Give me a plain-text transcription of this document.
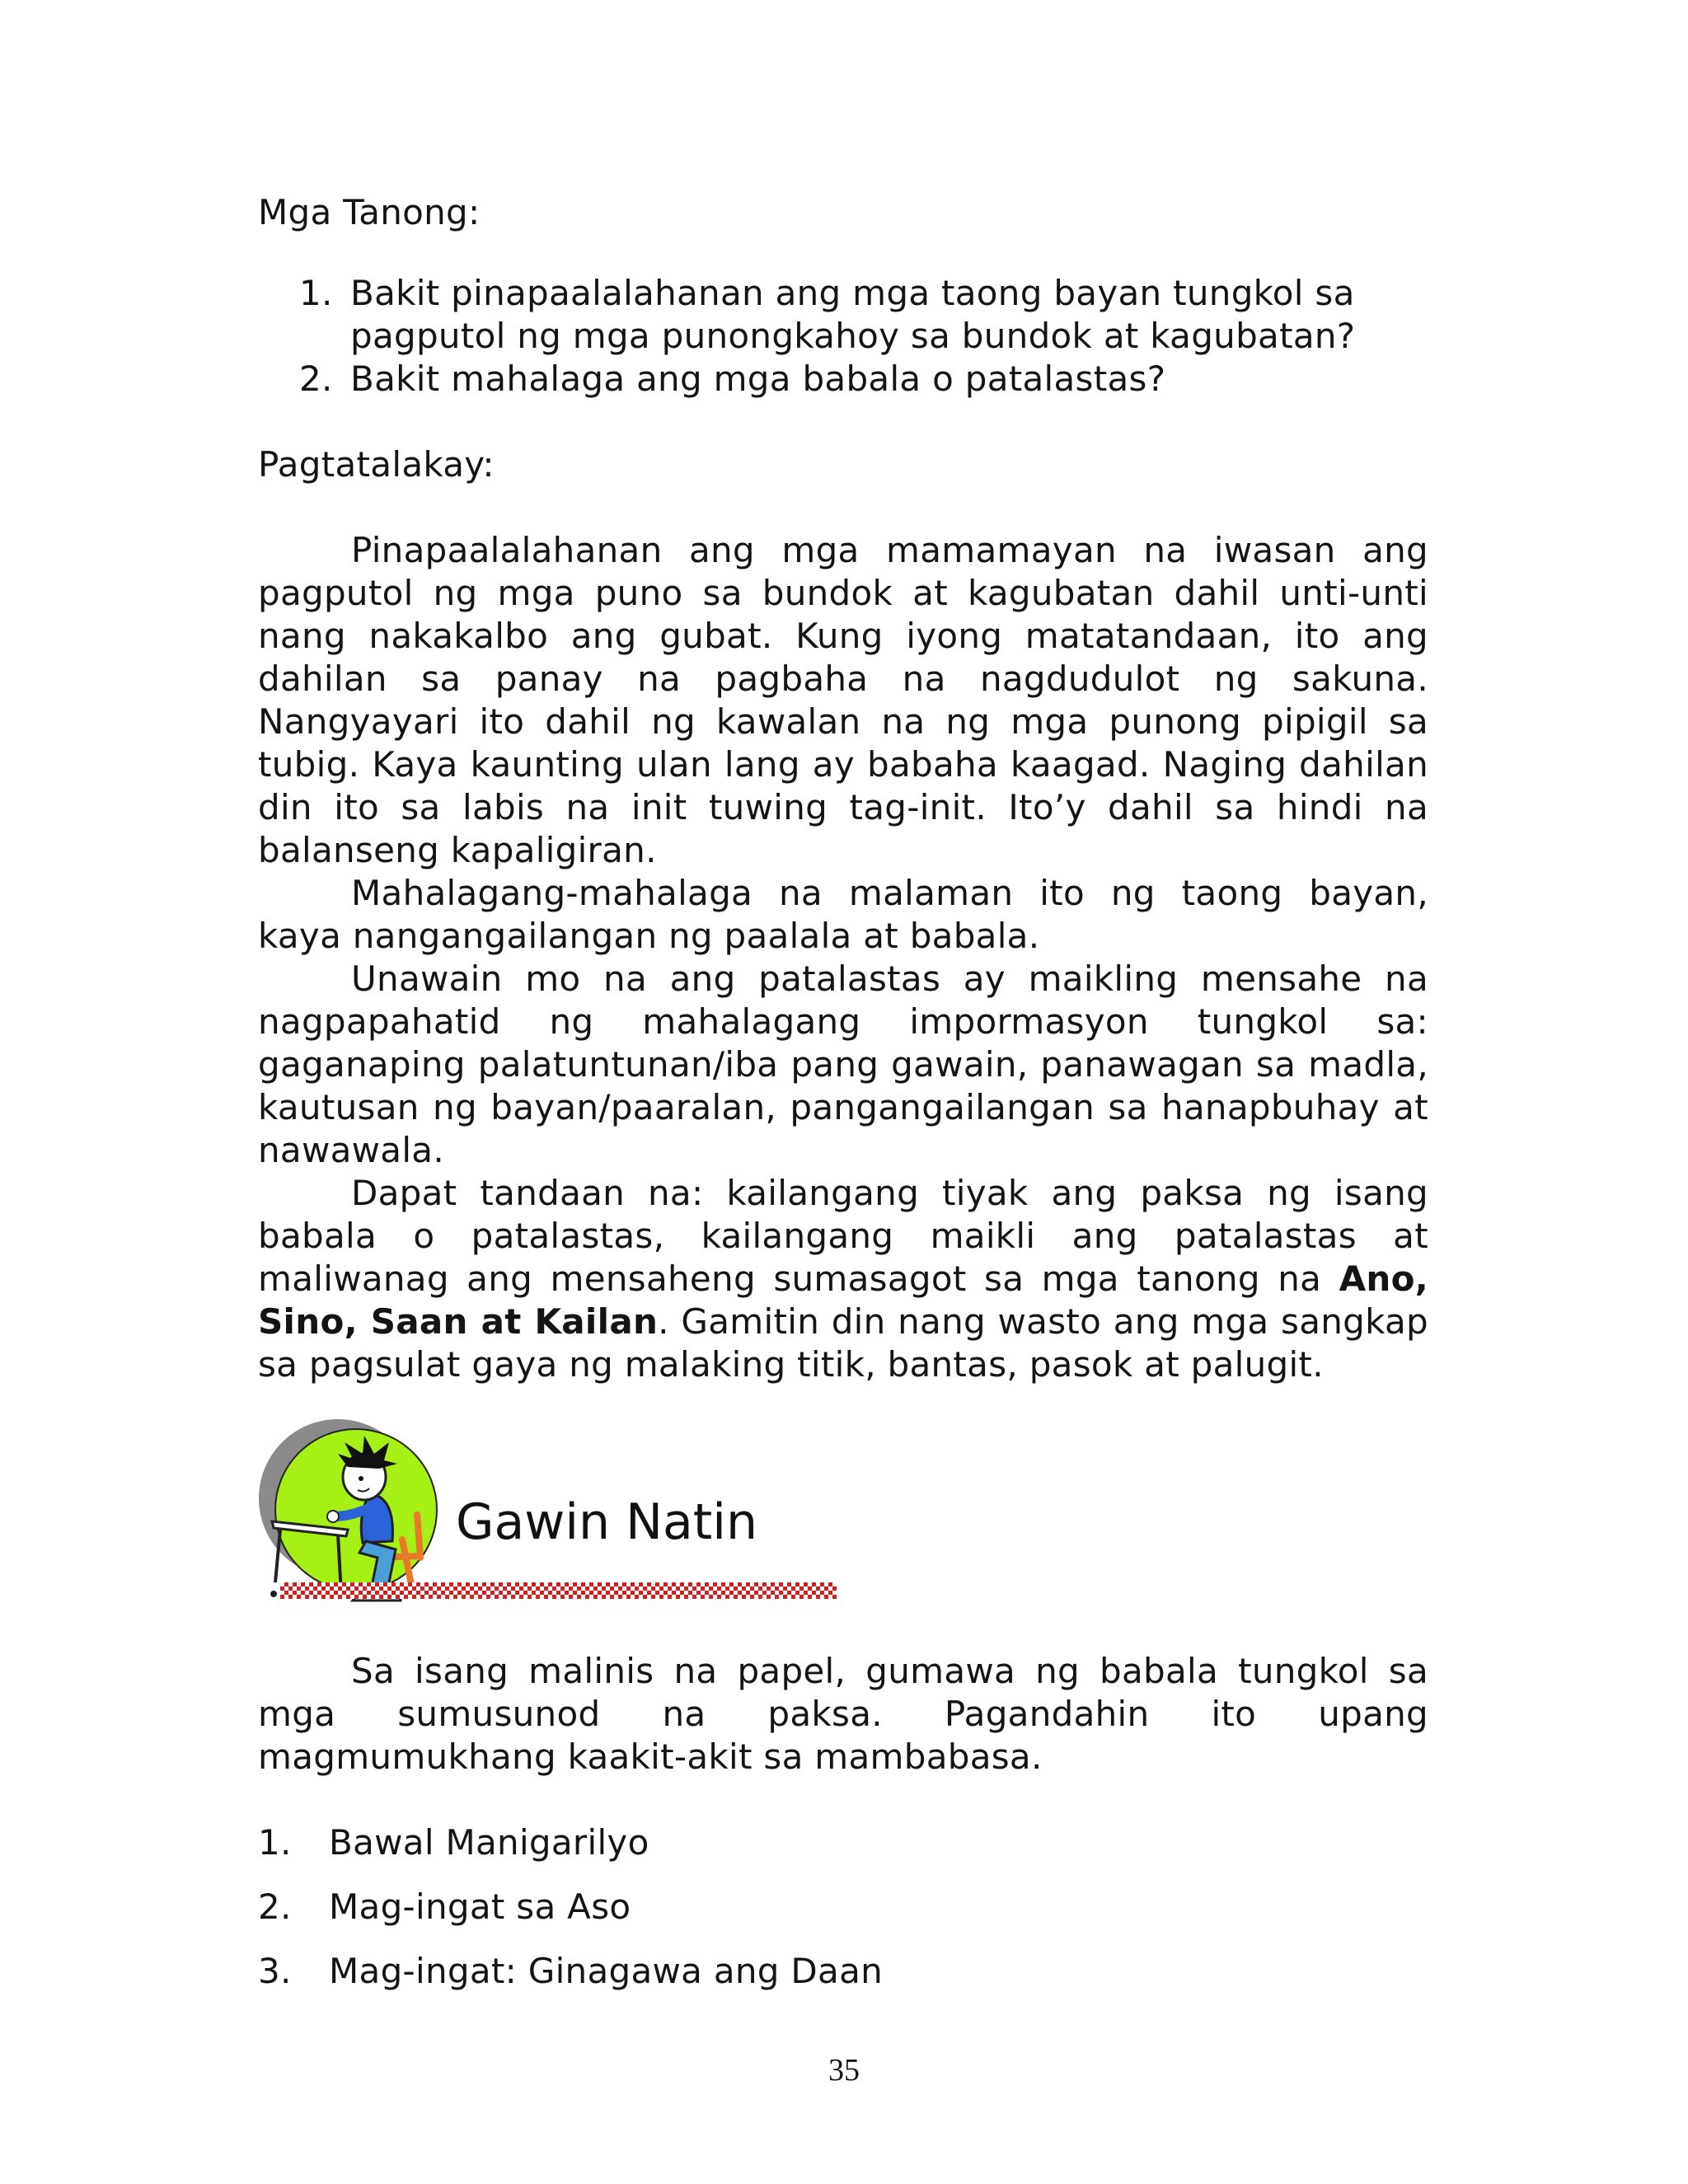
Mga Tanong:
1. Bakit pinapaalalahanan ang mga taong bayan tungkol sa pagputol ng mga punongkahoy sa bundok at kagubatan?
2. Bakit mahalaga ang mga babala o patalastas?
Pagtatalakay:

Pinapaalalahanan ang mga mamamayan na iwasan ang pagputol ng mga puno sa bundok at kagubatan dahil unti-unti nang nakakalbo ang gubat. Kung iyong matatandaan, ito ang dahilan sa panay na pagbaha na nagdudulot ng sakuna. Nangyayari ito dahil ng kawalan na ng mga punong pipigil sa tubig. Kaya kaunting ulan lang ay babaha kaagad. Naging dahilan din ito sa labis na init tuwing tag-init. Ito’y dahil sa hindi na balanseng kapaligiran.

Mahalagang-mahalaga na malaman ito ng taong bayan, kaya nangangailangan ng paalala at babala.

Unawain mo na ang patalastas ay maikling mensahe na nagpapahatid ng mahalagang impormasyon tungkol sa: gaganaping palatuntunan/iba pang gawain, panawagan sa madla, kautusan ng bayan/paaralan, pangangailangan sa hanapbuhay at nawawala.

Dapat tandaan na: kailangang tiyak ang paksa ng isang babala o patalastas, kailangang maikli ang patalastas at maliwanag ang mensaheng sumasagot sa mga tanong na Ano, Sino, Saan at Kailan. Gamitin din nang wasto ang mga sangkap sa pagsulat gaya ng malaking titik, bantas, pasok at palugit.

Gawin Natin
Sa isang malinis na papel, gumawa ng babala tungkol sa mga sumusunod na paksa. Pagandahin ito upang magmumukhang kaakit-akit sa mambabasa.
1.	Bawal Manigarilyo
2.	Mag-ingat sa Aso
3.	Mag-ingat: Ginagawa ang Daan
35
